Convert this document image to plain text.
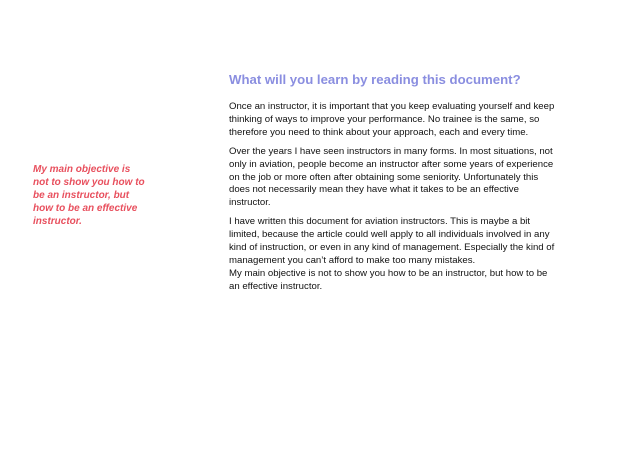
My main objective is
not to show you how to
be an instructor, but
how to be an effective
instructor.
What will you learn by reading this document?

Once an instructor, it is important that you keep evaluating yourself and keep
thinking of ways to improve your performance. No trainee is the same, so
therefore you need to think about your approach, each and every time.

Over the years I have seen instructors in many forms. In most situations, not
only in aviation, people become an instructor after some years of experience
on the job or more often after obtaining some seniority. Unfortunately this
does not necessarily mean they have what it takes to be an effective
instructor.

I have written this document for aviation instructors. This is maybe a bit
limited, because the article could well apply to all individuals involved in any
kind of instruction, or even in any kind of management. Especially the kind of
management you can’t afford to make too many mistakes.
My main objective is not to show you how to be an instructor, but how to be
an effective instructor.
